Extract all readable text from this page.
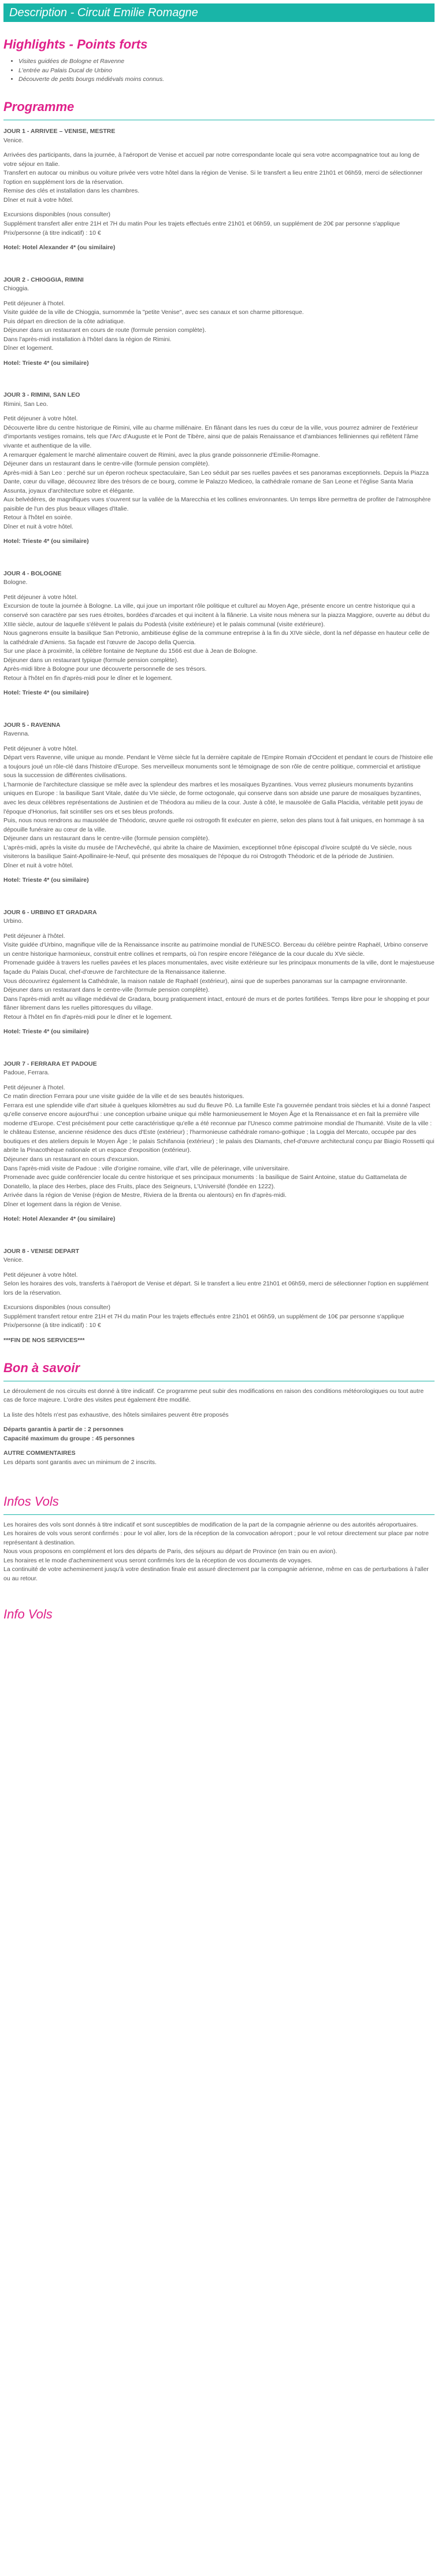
Description - Circuit Emilie Romagne
Highlights - Points forts
• Visites guidées de Bologne et Ravenne
• L'entrée au Palais Ducal de Urbino
• Découverte de petits bourgs médiévals moins connus.
Programme

JOUR 1 - ARRIVEE – VENISE, MESTRE

Venice.

Arrivées des participants, dans la journée, à l'aéroport de Venise et accueil par notre correspondante locale qui sera votre accompagnatrice tout au long de votre séjour en Italie.

Transfert en autocar ou minibus ou voiture privée vers votre hôtel dans la région de Venise. Si le transfert a lieu entre 21h01 et 06h59, merci de sélectionner l'option en supplément lors de la réservation.

Remise des clés et installation dans les chambres.

Dîner et nuit à votre hôtel.

Excursions disponibles (nous consulter)

Supplément transfert aller entre 21H et 7H du matin Pour les trajets effectués entre 21h01 et 06h59, un supplément de 20€ par personne s'applique

Prix/personne (à titre indicatif) : 10 €

Hotel: Hotel Alexander 4* (ou similaire)

JOUR 2 - CHIOGGIA, RIMINI

Chioggia.

Petit déjeuner à l'hotel.

Visite guidée de la ville de Chioggia, surnommée la "petite Venise", avec ses canaux et son charme pittoresque.

Puis départ en direction de la côte adriatique.

Déjeuner dans un restaurant en cours de route (formule pension complète).

Dans l'après-midi installation à l'hôtel dans la région de Rimini.

Dîner et logement.

Hotel: Trieste 4* (ou similaire)

JOUR 3 - RIMINI, SAN LEO

Rimini, San Leo.

Petit déjeuner à votre hôtel.

Découverte libre du centre historique de Rimini, ville au charme millénaire. En flânant dans les rues du cœur de la ville, vous pourrez admirer de l'extérieur d'importants vestiges romains, tels que l'Arc d'Auguste et le Pont de Tibère, ainsi que de palais Renaissance et d'ambiances felliniennes qui reflètent l'âme vivante et authentique de la ville.

A remarquer également le marché alimentaire couvert de Rimini, avec la plus grande poissonnerie d'Emilie-Romagne.

Déjeuner dans un restaurant dans le centre-ville (formule pension complète).

Après-midi à San Leo : perché sur un éperon rocheux spectaculaire, San Leo séduit par ses ruelles pavées et ses panoramas exceptionnels. Depuis la Piazza Dante, cœur du village, découvrez libre des trésors de ce bourg, comme le Palazzo Mediceo, la cathédrale romane de San Leone et l'église Santa Maria Assunta, joyaux d'architecture sobre et élégante.

Aux belvédères, de magnifiques vues s'ouvrent sur la vallée de la Marecchia et les collines environnantes. Un temps libre permettra de profiter de l'atmosphère paisible de l'un des plus beaux villages d'Italie.

Retour à l'hôtel en soirée.

Dîner et nuit à votre hôtel.

Hotel: Trieste 4* (ou similaire)

JOUR 4 - BOLOGNE

Bologne.

Petit déjeuner à votre hôtel.

Excursion de toute la journée à Bologne. La ville, qui joue un important rôle politique et culturel au Moyen Age, présente encore un centre historique qui a conservé son caractère par ses rues étroites, bordées d'arcades et qui incitent à la flânerie. La visite nous mènera sur la piazza Maggiore, ouverte au début du XIIIe siècle, autour de laquelle s'élèvent le palais du Podestà (visite extérieure) et le palais communal (visite extérieure).

Nous gagnerons ensuite la basilique San Petronio, ambitieuse église de la commune entreprise à la fin du XIVe siècle, dont la nef dépasse en hauteur celle de la cathédrale d'Amiens. Sa façade est l'œuvre de Jacopo della Quercia.

Sur une place à proximité, la célèbre fontaine de Neptune du 1566 est due à Jean de Bologne.

Déjeuner dans un restaurant typique (formule pension complète).

Après-midi libre à Bologne pour une découverte personnelle de ses trésors.

Retour à l'hôtel en fin d'après-midi pour le dîner et le logement.

Hotel: Trieste 4* (ou similaire)

JOUR 5 - RAVENNA

Ravenna.

Petit déjeuner à votre hôtel.

Départ vers Ravenne, ville unique au monde. Pendant le Vème siècle fut la dernière capitale de l'Empire Romain d'Occident et pendant le cours de l'histoire elle a toujours joué un rôle-clé dans l'histoire d'Europe. Ses merveilleux monuments sont le témoignage de son rôle de centre politique, commercial et artistique sous la succession de différentes civilisations.

L'harmonie de l'architecture classique se mêle avec la splendeur des marbres et les mosaïques Byzantines. Vous verrez plusieurs monuments byzantins uniques en Europe : la basilique Sant Vitale, datée du VIe siècle, de forme octogonale, qui conserve dans son abside une parure de mosaïques byzantines, avec les deux célèbres représentations de Justinien et de Théodora au milieu de la cour. Juste à côté, le mausolée de Galla Placidia, véritable petit joyau de l'époque d'Honorius, fait scintiller ses ors et ses bleus profonds.

Puis, nous nous rendrons au mausolée de Théodoric, œuvre quelle roi ostrogoth fit exécuter en pierre, selon des plans tout à fait uniques, en hommage à sa dépouille funéraire au cœur de la ville.

Déjeuner dans un restaurant dans le centre-ville (formule pension complète).

L'après-midi, après la visite du musée de l'Archevêché, qui abrite la chaire de Maximien, exceptionnel trône épiscopal d'ivoire sculpté du Ve siècle, nous visiterons la basilique Saint-Apollinaire-le-Neuf, qui présente des mosaïques de l'époque du roi Ostrogoth Théodoric et de la période de Justinien.

Dîner et nuit à votre hôtel.

Hotel: Trieste 4* (ou similaire)

JOUR 6 - URBINO ET GRADARA

Urbino.

Petit déjeuner à l'hôtel.

Visite guidée d'Urbino, magnifique ville de la Renaissance inscrite au patrimoine mondial de l'UNESCO. Berceau du célèbre peintre Raphaël, Urbino conserve un centre historique harmonieux, construit entre collines et remparts, où l'on respire encore l'élégance de la cour ducale du XVe siècle.

Promenade guidée à travers les ruelles pavées et les places monumentales, avec visite extérieure sur les principaux monuments de la ville, dont le majestueuse façade du Palais Ducal, chef-d'œuvre de l'architecture de la Renaissance italienne.

Vous découvrirez également la Cathédrale, la maison natale de Raphaël (extérieur), ainsi que de superbes panoramas sur la campagne environnante.

Déjeuner dans un restaurant dans le centre-ville (formule pension complète).

Dans l'après-midi arrêt au village médiéval de Gradara, bourg pratiquement intact, entouré de murs et de portes fortifiées. Temps libre pour le shopping et pour flâner librement dans les ruelles pittoresques du village.

Retour à l'hôtel en fin d'après-midi pour le dîner et le logement.

Hotel: Trieste 4* (ou similaire)

JOUR 7 - FERRARA ET PADOUE

Padoue, Ferrara.

Petit déjeuner à l'hotel.

Ce matin direction Ferrara pour une visite guidée de la ville et de ses beautés historiques.

Ferrara est une splendide ville d'art située à quelques kilomètres au sud du fleuve Pô. La famille Este l'a gouvernée pendant trois siècles et lui a donné l'aspect qu'elle conserve encore aujourd'hui : une conception urbaine unique qui mêle harmonieusement le Moyen Âge et la Renaissance et en fait la première ville moderne d'Europe. C'est précisément pour cette caractéristique qu'elle a été reconnue par l'Unesco comme patrimoine mondial de l'humanité. Visite de la ville : le château Estense, ancienne résidence des ducs d'Este (extérieur) ; l'harmonieuse cathédrale romano-gothique ; la Loggia del Mercato, occupée par des boutiques et des ateliers depuis le Moyen Âge ; le palais Schifanoia (extérieur) ; le palais des Diamants, chef-d'œuvre architectural conçu par Biagio Rossetti qui abrite la Pinacothèque nationale et un espace d'exposition (extérieur).

Déjeuner dans un restaurant en cours d'excursion.

Dans l'après-midi visite de Padoue : ville d'origine romaine, ville d'art, ville de pèlerinage, ville universitaire.

Promenade avec guide conférencier locale du centre historique et ses principaux monuments : la basilique de Saint Antoine, statue du Gattamelata de Donatello, la place des Herbes, place des Fruits, place des Seigneurs, L'Université (fondée en 1222).

Arrivée dans la région de Venise (région de Mestre, Riviera de la Brenta ou alentours) en fin d'après-midi.

Dîner et logement dans la région de Venise.

Hotel: Hotel Alexander 4* (ou similaire)

JOUR 8 - VENISE DEPART

Venice.

Petit déjeuner à votre hôtel.

Selon les horaires des vols, transferts à l'aéroport de Venise et départ. Si le transfert a lieu entre 21h01 et 06h59, merci de sélectionner l'option en supplément lors de la réservation.

Excursions disponibles (nous consulter)

Supplément transfert retour entre 21H et 7H du matin Pour les trajets effectués entre 21h01 et 06h59, un supplément de 10€ par personne s'applique

Prix/personne (à titre indicatif) : 10 €

***FIN DE NOS SERVICES***

Bon à savoir

Le déroulement de nos circuits est donné à titre indicatif. Ce programme peut subir des modifications en raison des conditions météorologiques ou tout autre cas de force majeure. L'ordre des visites peut également être modifié.

La liste des hôtels n'est pas exhaustive, des hôtels similaires peuvent être proposés

Départs garantis à partir de : 2 personnes

Capacité maximum du groupe : 45 personnes

AUTRE COMMENTAIRES

Les départs sont garantis avec un minimum de 2 inscrits.

Infos Vols

Les horaires des vols sont donnés à titre indicatif et sont susceptibles de modification de la part de la compagnie aérienne ou des autorités aéroportuaires.

Les horaires de vols vous seront confirmés : pour le vol aller, lors de la réception de la convocation aéroport ; pour le vol retour directement sur place par notre représentant à destination.

Nous vous proposons en complément et lors des départs de Paris, des séjours au départ de Province (en train ou en avion).

Les horaires et le mode d'acheminement vous seront confirmés lors de la réception de vos documents de voyages.

La continuité de votre acheminement jusqu'à votre destination finale est assuré directement par la compagnie aérienne, même en cas de perturbations à l'aller ou au retour.

Info Vols
